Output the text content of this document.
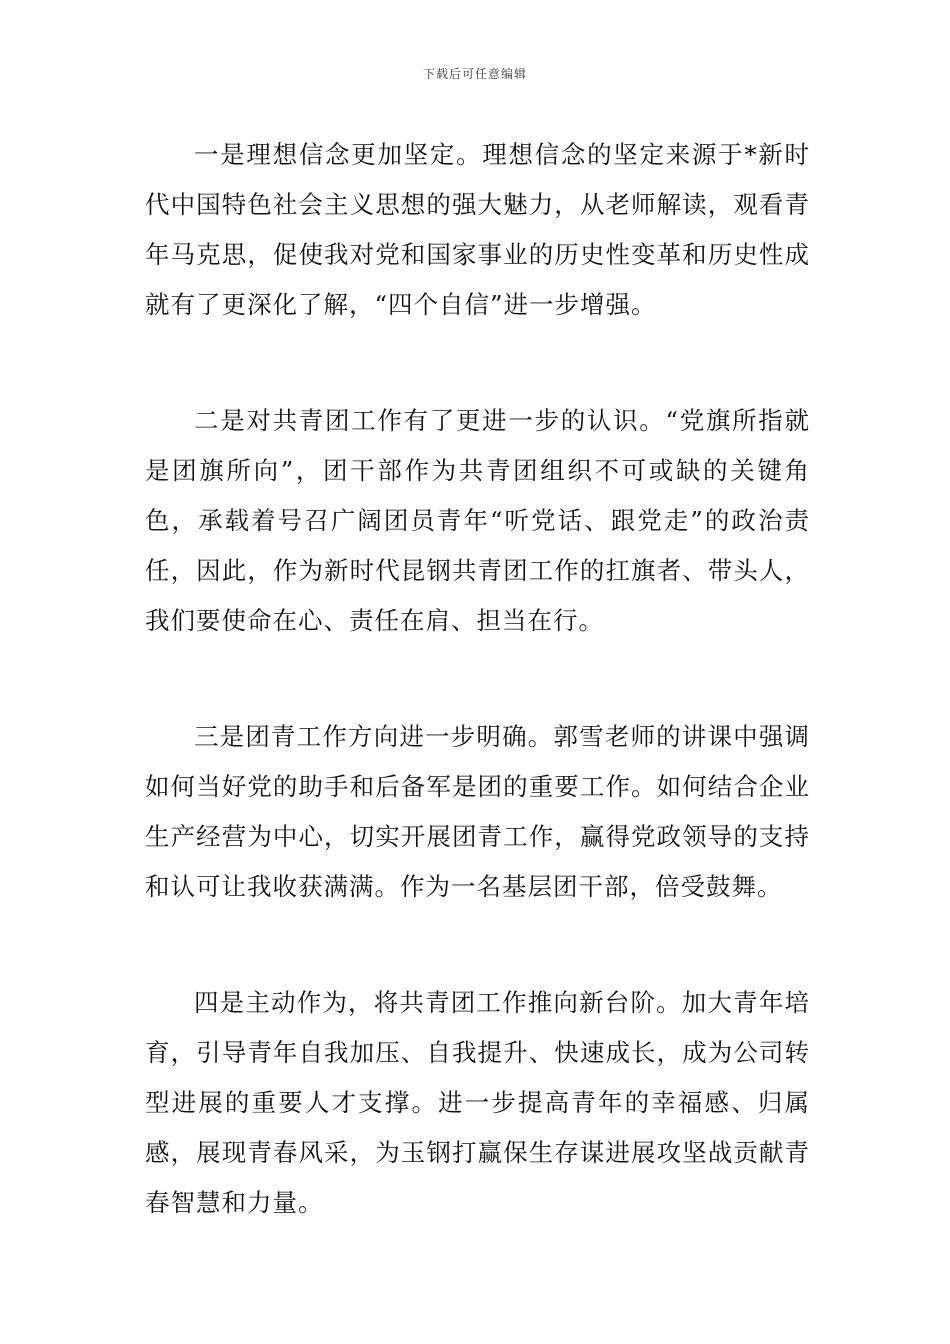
下载后可任意编辑

一是理想信念更加坚定。理想信念的坚定来源于*新时代中国特色社会主义思想的强大魅力，从老师解读，观看青年马克思，促使我对党和国家事业的历史性变革和历史性成就有了更深化了解，“四个自信”进一步增强。

二是对共青团工作有了更进一步的认识。“党旗所指就是团旗所向”，团干部作为共青团组织不可或缺的关键角色，承载着号召广阔团员青年“听党话、跟党走”的政治责任，因此，作为新时代昆钢共青团工作的扛旗者、带头人，我们要使命在心、责任在肩、担当在行。

三是团青工作方向进一步明确。郭雪老师的讲课中强调如何当好党的助手和后备军是团的重要工作。如何结合企业生产经营为中心，切实开展团青工作，赢得党政领导的支持和认可让我收获满满。作为一名基层团干部，倍受鼓舞。

四是主动作为，将共青团工作推向新台阶。加大青年培育，引导青年自我加压、自我提升、快速成长，成为公司转型进展的重要人才支撑。进一步提高青年的幸福感、归属感，展现青春风采，为玉钢打赢保生存谋进展攻坚战贡献青春智慧和力量。
